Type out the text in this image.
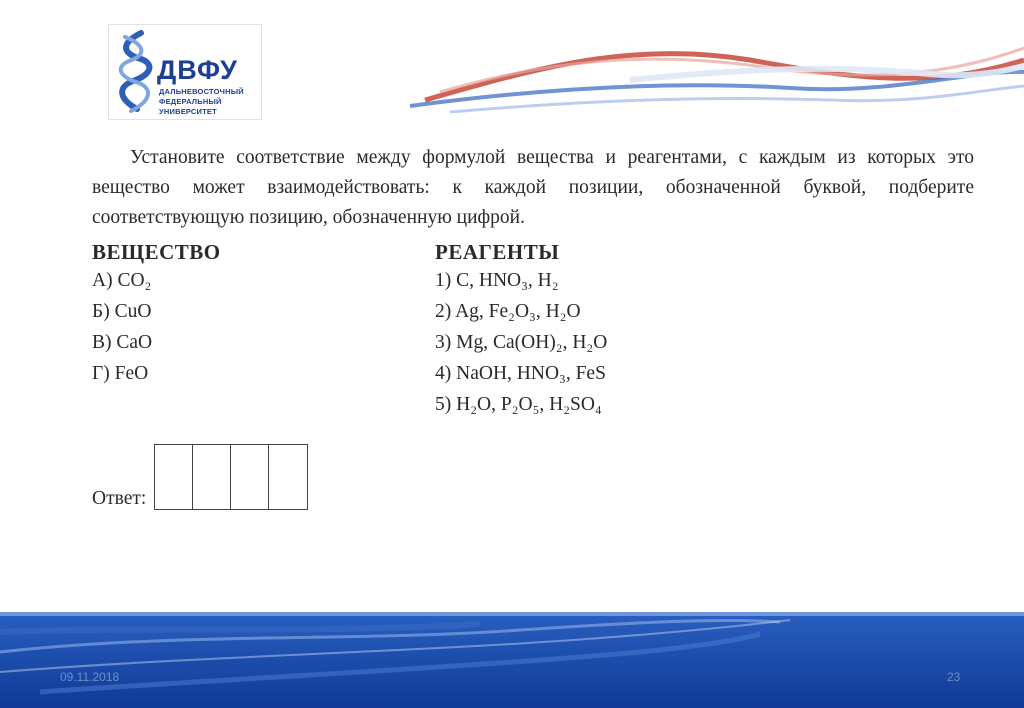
ДВФУ
ДАЛЬНЕВОСТОЧНЫЙ
ФЕДЕРАЛЬНЫЙ
УНИВЕРСИТЕТ
Установите соответствие между формулой вещества и реагентами, с каждым из которых это вещество может взаимодействовать: к каждой позиции, обозначенной буквой, подберите соответствующую позицию, обозначенную цифрой.
ВЕЩЕСТВО
А) CO₂
Б) CuO
В) CaO
Г) FeO
РЕАГЕНТЫ
1) C, HNO₃, H₂
2) Ag, Fe₂O₃, H₂O
3) Mg, Ca(OH)₂, H₂O
4) NaOH, HNO₃, FeS
5) H₂O, P₂O₅, H₂SO₄
Ответ:
09.11.2018	23
